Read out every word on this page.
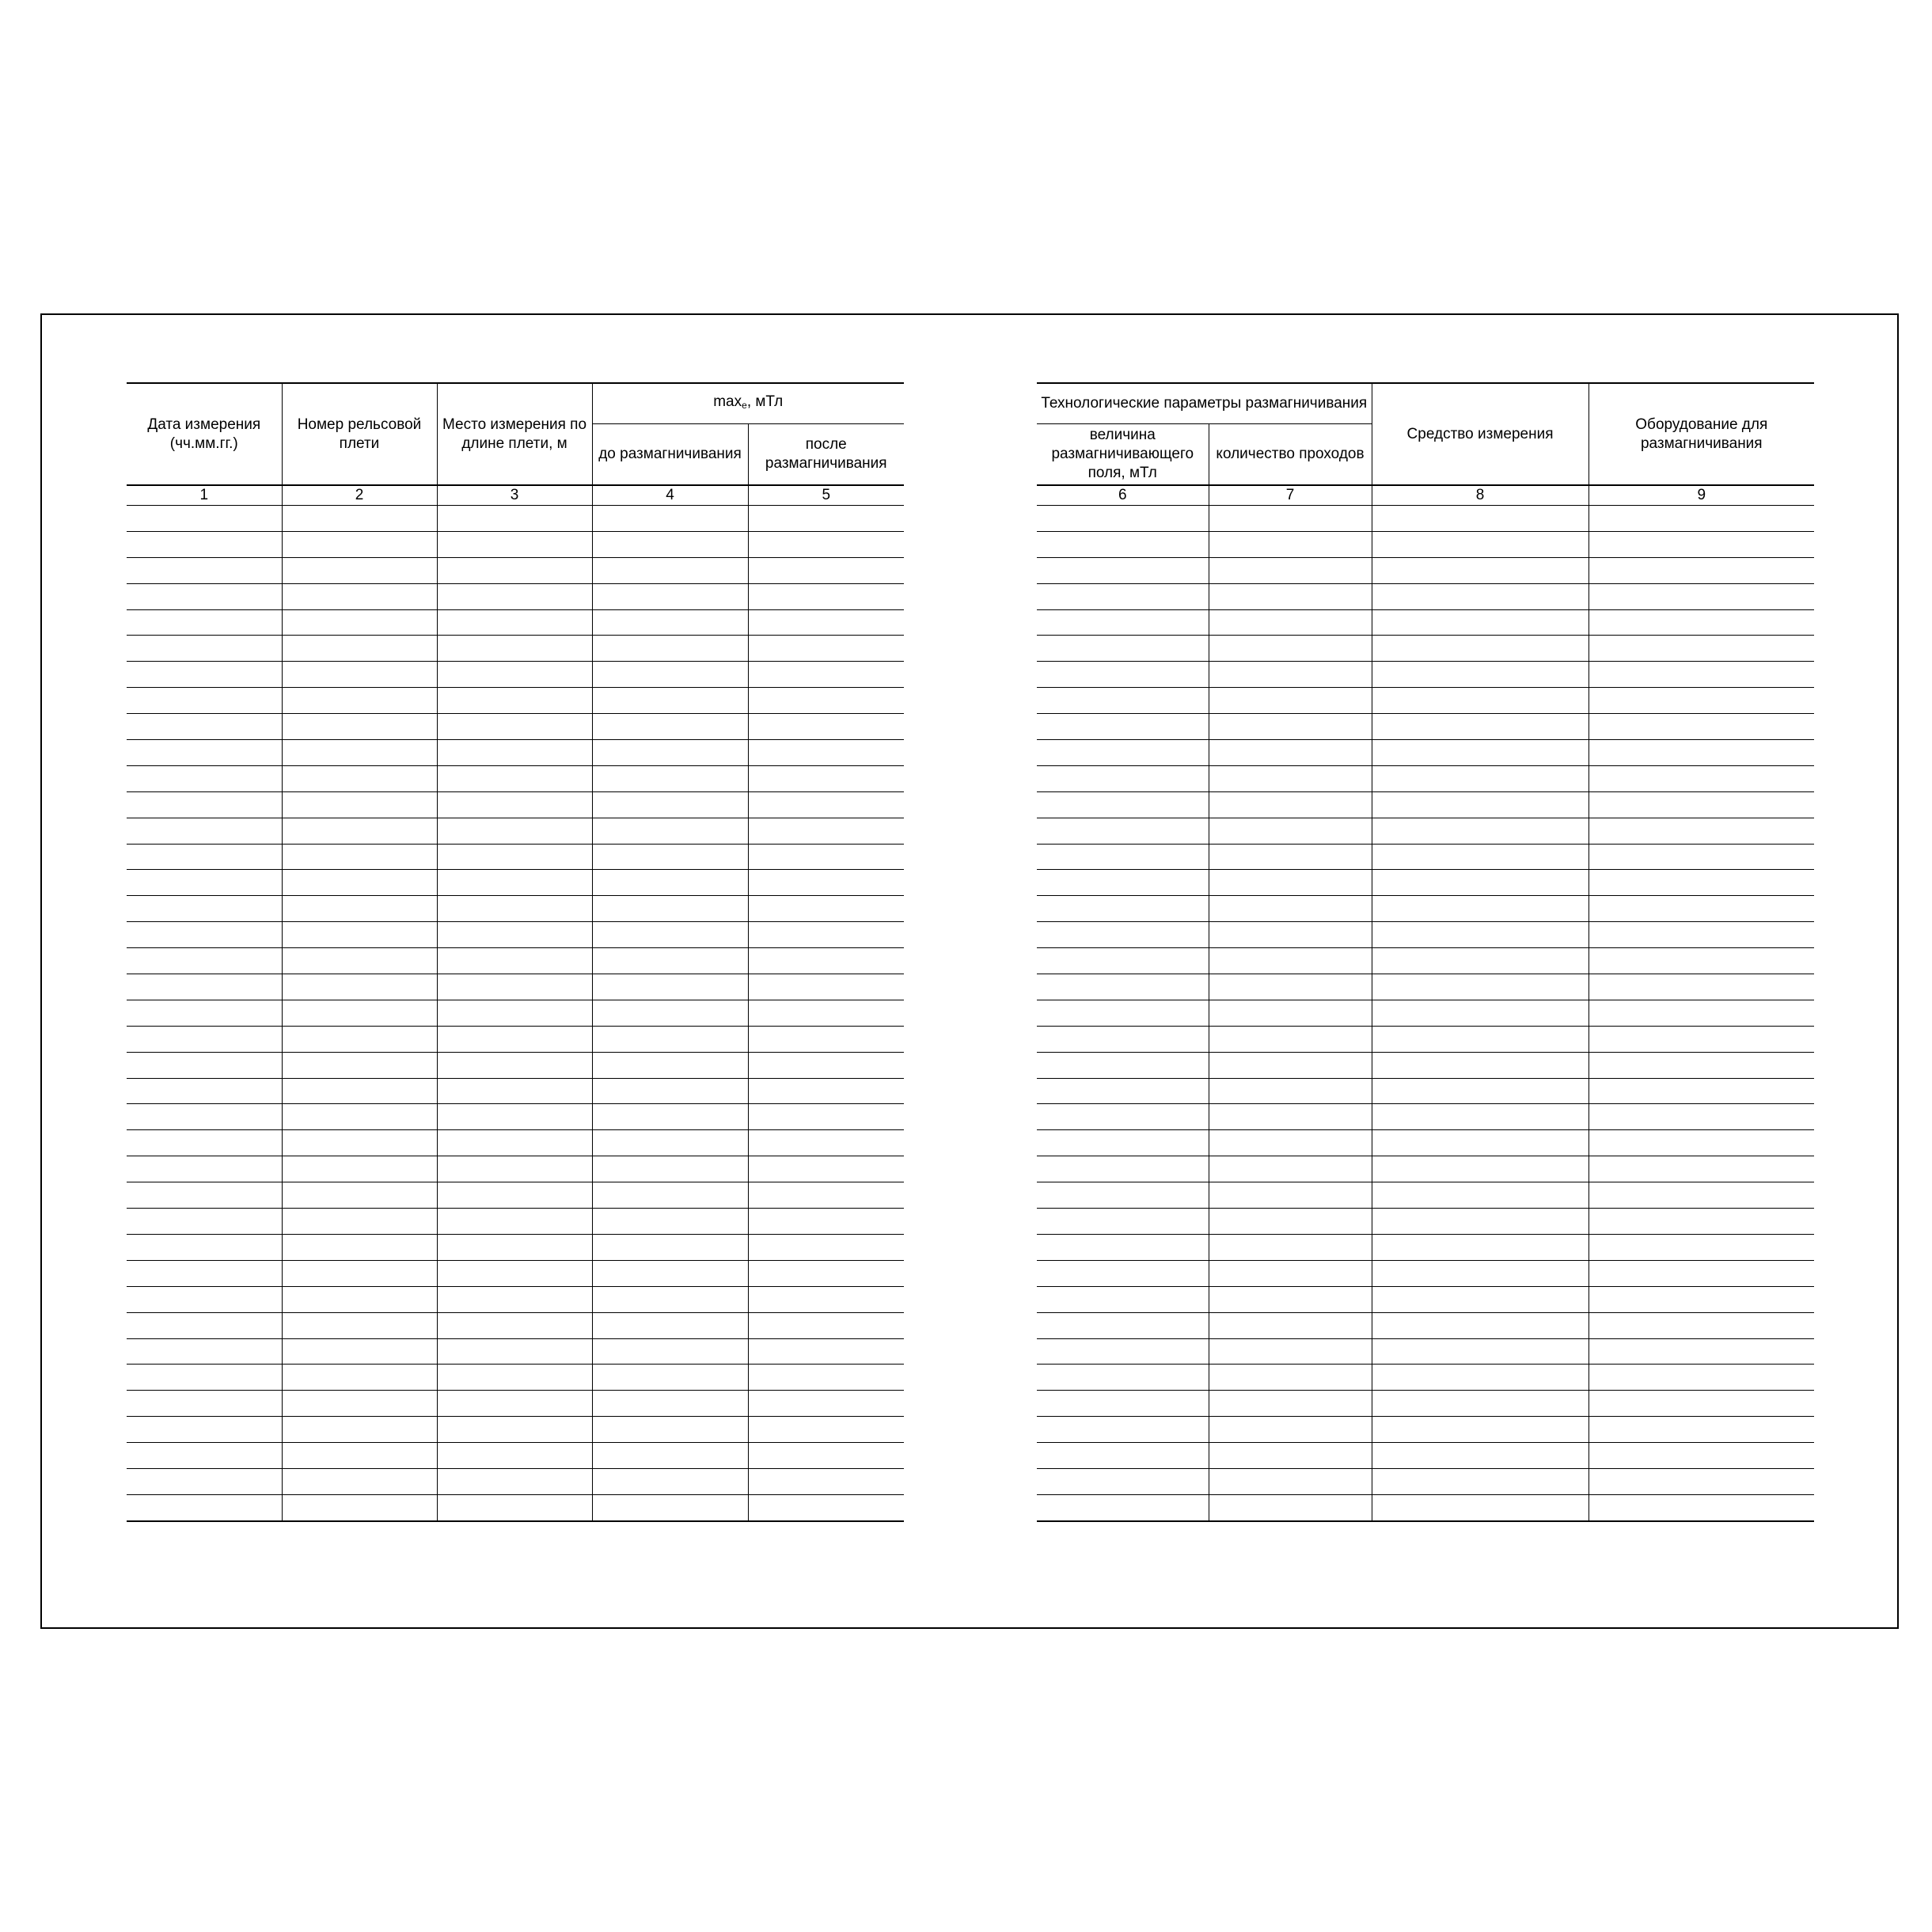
Дата измерения (чч.мм.гг.)	Номер рельсовой плети	Место измерения по длине плети, м	maxe, мТл	
			до размагничивания	после размагничивания
1	2	3	4	5

Технологические параметры размагничивания		Средство измерения	Оборудование для размагничивания
величина размагничивающего поля, мТл	количество проходов		
6	7	8	9
